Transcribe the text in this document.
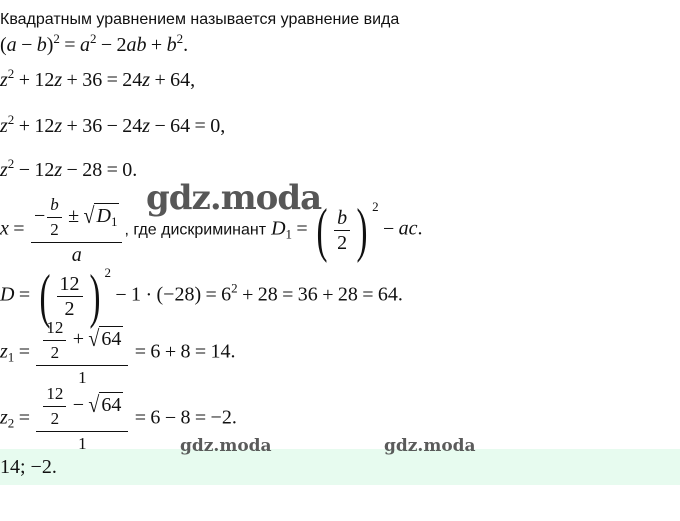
Квадратным уравнением называется уравнение вида
$(a - b)^2 = a^2 - 2ab + b^2$.
$z^2 + 12z + 36 = 24z + 64$,
$z^2 + 12z + 36 - 24z - 64 = 0$,
$z^2 - 12z - 28 = 0$.
$x = \frac{- \frac{b}{2} \pm √ D_1}{a}$ , где дискриминант $D_1$ = ( $\frac{b}{2}$ ) $^2$− ac.
D = ( $\frac{12}{2}$ ) $^2- 1 \cdot (-28) = 6^2 + 28 = 36 + 28 = 64$.
$z_1 = \frac{\frac{12}{2} + √ 64}{1} = 6 + 8 = 14$.
$z_2 = \frac{\frac{12}{2} - √ 64}{1} = 6 - 8 = -2$.
14; −2.
gdz.moda
gdz.moda	gdz.moda
